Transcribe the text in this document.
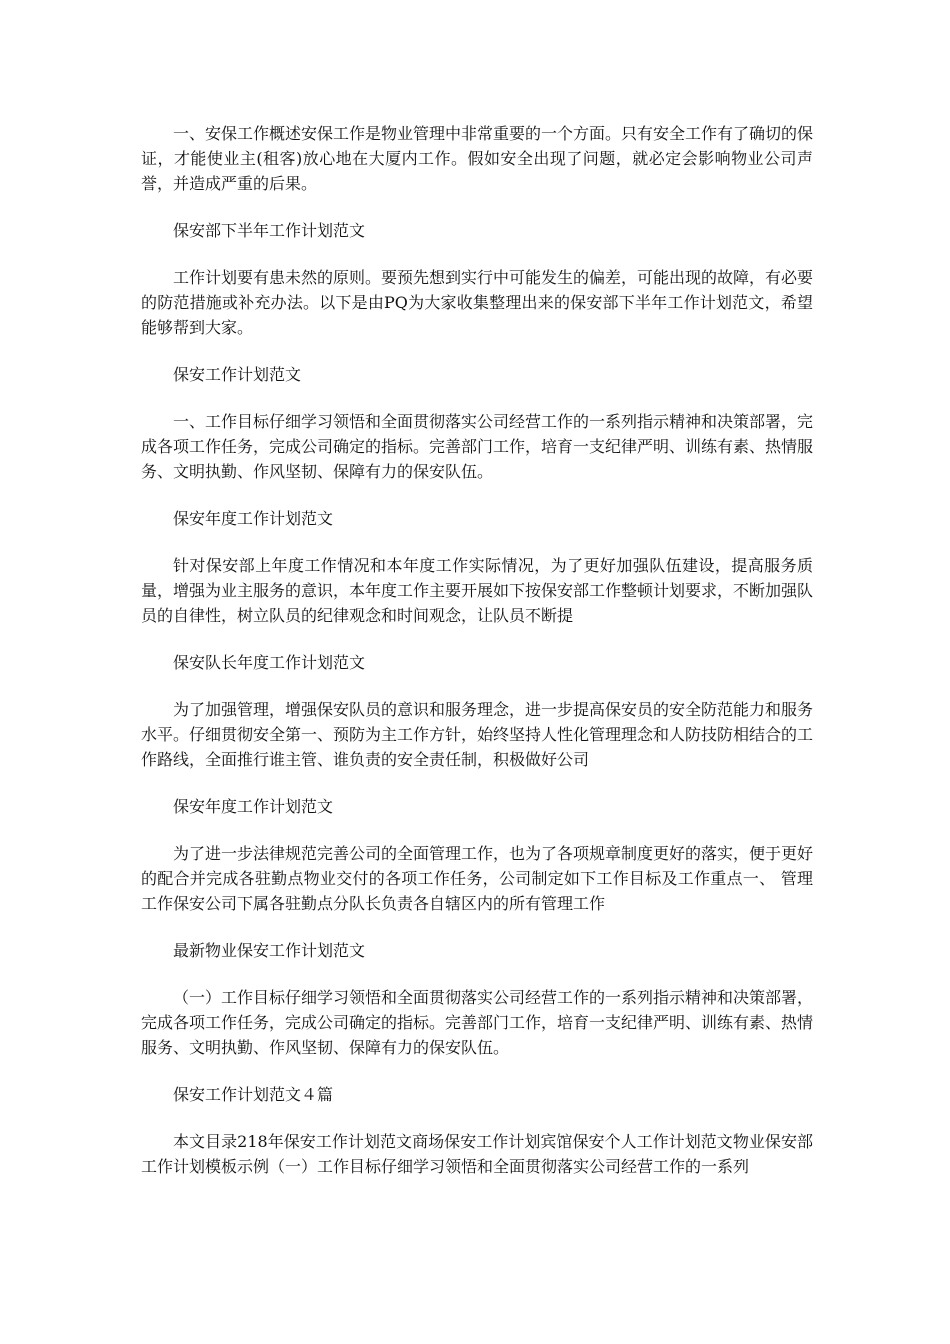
一、安保工作概述安保工作是物业管理中非常重要的一个方面。只有安全工作有了确切的保证，才能使业主(租客)放心地在大厦内工作。假如安全出现了问题，就必定会影响物业公司声誉，并造成严重的后果。

保安部下半年工作计划范文

工作计划要有患未然的原则。要预先想到实行中可能发生的偏差，可能出现的故障，有必要的防范措施或补充办法。以下是由PQ为大家收集整理出来的保安部下半年工作计划范文，希望能够帮到大家。

保安工作计划范文

一、工作目标仔细学习领悟和全面贯彻落实公司经营工作的一系列指示精神和决策部署，完成各项工作任务，完成公司确定的指标。完善部门工作，培育一支纪律严明、训练有素、热情服务、文明执勤、作风坚韧、保障有力的保安队伍。

保安年度工作计划范文

针对保安部上年度工作情况和本年度工作实际情况，为了更好加强队伍建设，提高服务质量，增强为业主服务的意识，本年度工作主要开展如下按保安部工作整顿计划要求，不断加强队员的自律性，树立队员的纪律观念和时间观念，让队员不断提

保安队长年度工作计划范文

为了加强管理，增强保安队员的意识和服务理念，进一步提高保安员的安全防范能力和服务水平。仔细贯彻安全第一、预防为主工作方针，始终坚持人性化管理理念和人防技防相结合的工作路线，全面推行谁主管、谁负责的安全责任制，积极做好公司

保安年度工作计划范文

为了进一步法律规范完善公司的全面管理工作，也为了各项规章制度更好的落实，便于更好的配合并完成各驻勤点物业交付的各项工作任务，公司制定如下工作目标及工作重点一、 管理工作保安公司下属各驻勤点分队长负责各自辖区内的所有管理工作

最新物业保安工作计划范文

（一）工作目标仔细学习领悟和全面贯彻落实公司经营工作的一系列指示精神和决策部署，完成各项工作任务，完成公司确定的指标。完善部门工作，培育一支纪律严明、训练有素、热情服务、文明执勤、作风坚韧、保障有力的保安队伍。

保安工作计划范文４篇

本文目录218年保安工作计划范文商场保安工作计划宾馆保安个人工作计划范文物业保安部工作计划模板示例（一）工作目标仔细学习领悟和全面贯彻落实公司经营工作的一系列
